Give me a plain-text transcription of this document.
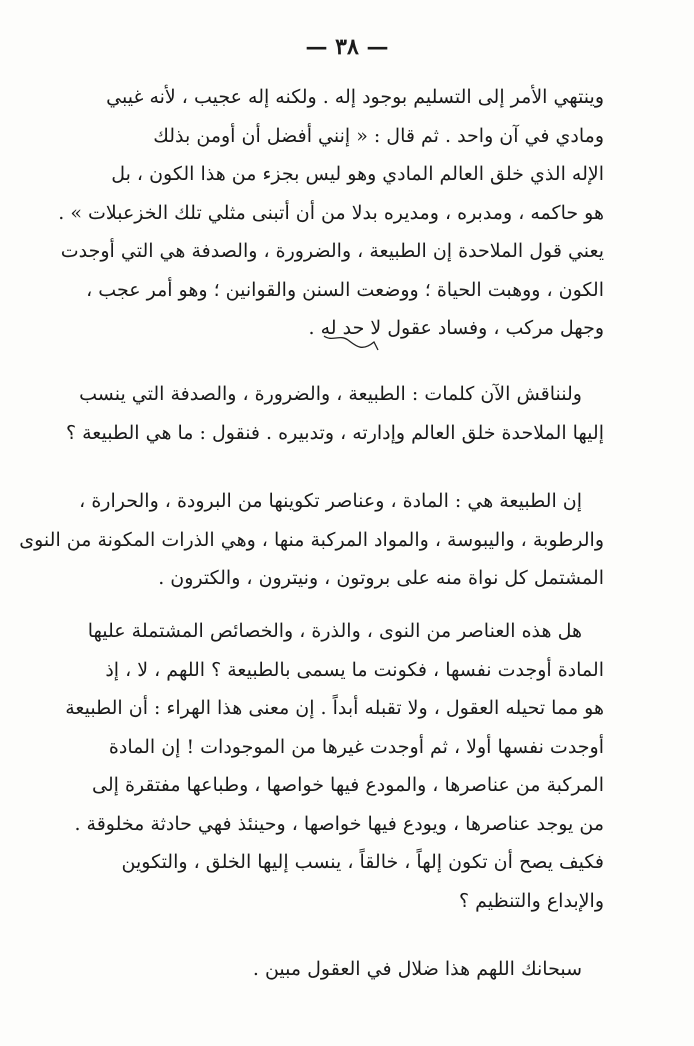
— ٣٨ —
وينتهي الأمر إلى التسليم بوجود إله . ولكنه إله عجيب ، لأنه غيبي
ومادي في آن واحد . ثم قال : « إنني أفضل أن أومن بذلك
الإله الذي خلق العالم المادي وهو ليس بجزء من هذا الكون ، بل
هو حاكمه ، ومدبره ، ومديره بدلا من أن أتبنى مثلي تلك الخزعبلات » .
يعني قول الملاحدة إن الطبيعة ، والضرورة ، والصدفة هي التي أوجدت
الكون ، ووهبت الحياة ؛ ووضعت السنن والقوانين ؛ وهو أمر عجب ،
وجهل مركب ، وفساد عقول لا حد له .
ولنناقش الآن كلمات : الطبيعة ، والضرورة ، والصدفة التي ينسب
إليها الملاحدة خلق العالم وإدارته ، وتدبيره . فنقول : ما هي الطبيعة ؟
إن الطبيعة هي : المادة ، وعناصر تكوينها من البرودة ، والحرارة ،
والرطوبة ، واليبوسة ، والمواد المركبة منها ، وهي الذرات المكونة من النوى
المشتمل كل نواة منه على بروتون ، ونيترون ، والكترون .
هل هذه العناصر من النوى ، والذرة ، والخصائص المشتملة عليها
المادة أوجدت نفسها ، فكونت ما يسمى بالطبيعة ؟ اللهم ، لا ، إذ
هو مما تحيله العقول ، ولا تقبله أبداً . إن معنى هذا الهراء : أن الطبيعة
أوجدت نفسها أولا ، ثم أوجدت غيرها من الموجودات ! إن المادة
المركبة من عناصرها ، والمودع فيها خواصها ، وطباعها مفتقرة إلى
من يوجد عناصرها ، ويودع فيها خواصها ، وحينئذ فهي حادثة مخلوقة .
فكيف يصح أن تكون إلهاً ، خالقاً ، ينسب إليها الخلق ، والتكوين
والإبداع والتنظيم ؟
سبحانك اللهم هذا ضلال في العقول مبين .
